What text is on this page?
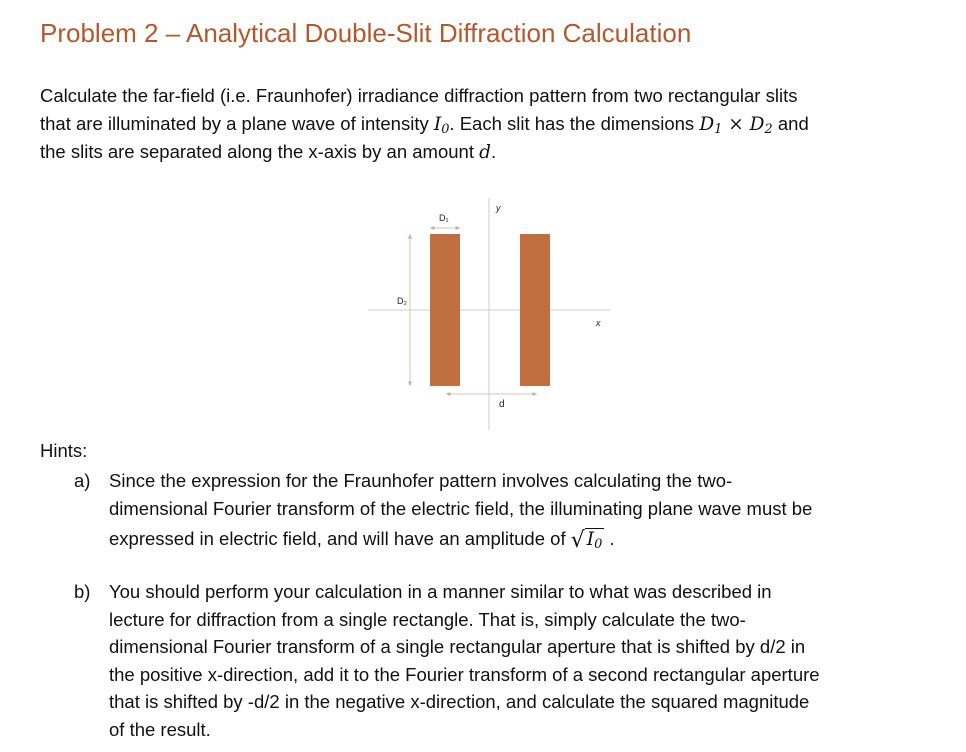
Problem 2 – Analytical Double-Slit Diffraction Calculation
Calculate the far-field (i.e. Fraunhofer) irradiance diffraction pattern from two rectangular slits
that are illuminated by a plane wave of intensity $I_0$. Each slit has the dimensions $D_1 \times D_2$ and
the slits are separated along the x-axis by an amount d.
D₁
D₂
d
y
x
Hints:
a) Since the expression for the Fraunhofer pattern involves calculating the two-
dimensional Fourier transform of the electric field, the illuminating plane wave must be
expressed in electric field, and will have an amplitude of √ $I_0$ .
b) You should perform your calculation in a manner similar to what was described in
lecture for diffraction from a single rectangle. That is, simply calculate the two-
dimensional Fourier transform of a single rectangular aperture that is shifted by d/2 in
the positive x-direction, add it to the Fourier transform of a second rectangular aperture
that is shifted by -d/2 in the negative x-direction, and calculate the squared magnitude
of the result.
